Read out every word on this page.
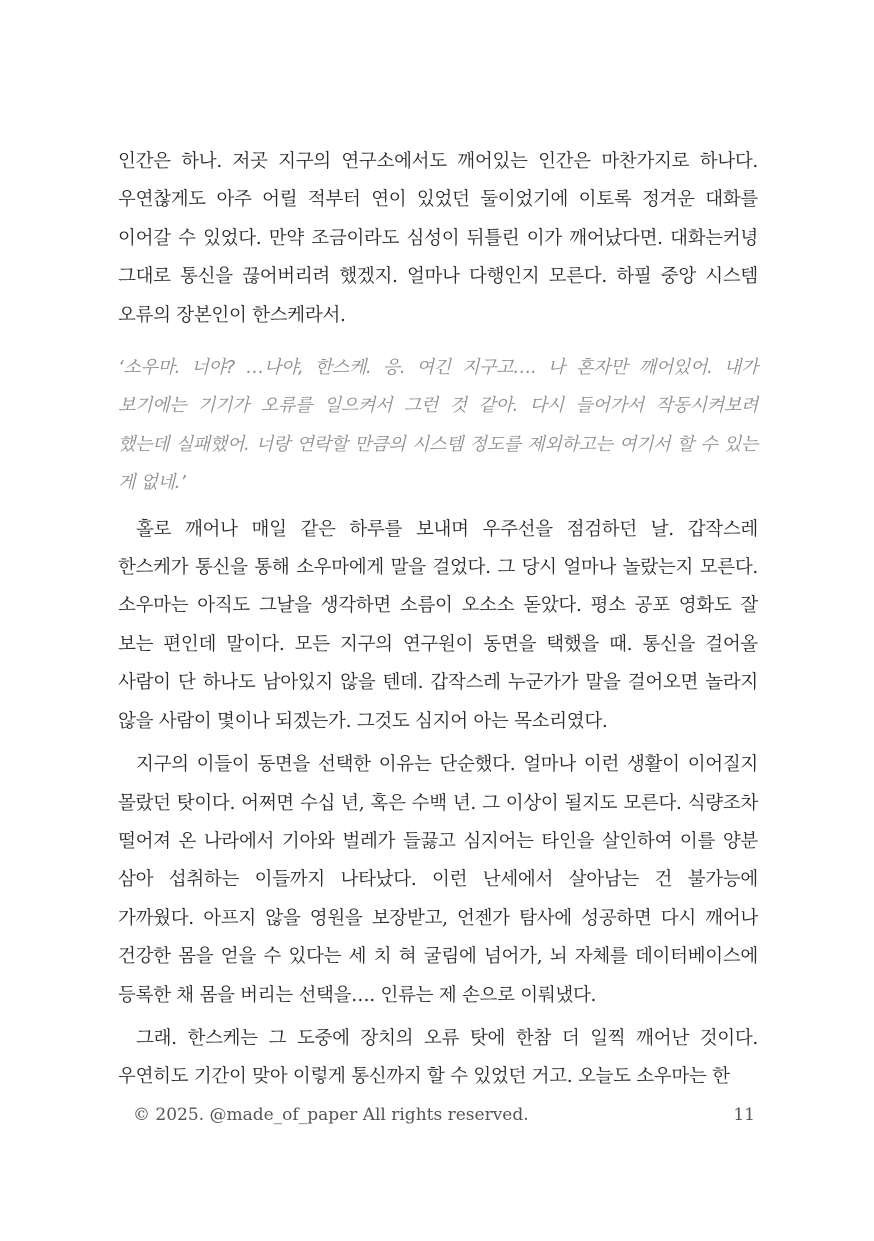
인간은 하나. 저곳 지구의 연구소에서도 깨어있는 인간은 마찬가지로 하나다. 우연찮게도 아주 어릴 적부터 연이 있었던 둘이었기에 이토록 정겨운 대화를 이어갈 수 있었다. 만약 조금이라도 심성이 뒤틀린 이가 깨어났다면. 대화는커녕 그대로 통신을 끊어버리려 했겠지. 얼마나 다행인지 모른다. 하필 중앙 시스템 오류의 장본인이 한스케라서.

‘소우마. 너야? …나야, 한스케. 응. 여긴 지구고…. 나 혼자만 깨어있어. 내가 보기에는 기기가 오류를 일으켜서 그런 것 같아. 다시 들어가서 작동시켜보려 했는데 실패했어. 너랑 연락할 만큼의 시스템 정도를 제외하고는 여기서 할 수 있는 게 없네.’

홀로 깨어나 매일 같은 하루를 보내며 우주선을 점검하던 날. 갑작스레 한스케가 통신을 통해 소우마에게 말을 걸었다. 그 당시 얼마나 놀랐는지 모른다. 소우마는 아직도 그날을 생각하면 소름이 오소소 돋았다. 평소 공포 영화도 잘 보는 편인데 말이다. 모든 지구의 연구원이 동면을 택했을 때. 통신을 걸어올 사람이 단 하나도 남아있지 않을 텐데. 갑작스레 누군가가 말을 걸어오면 놀라지 않을 사람이 몇이나 되겠는가. 그것도 심지어 아는 목소리였다.

지구의 이들이 동면을 선택한 이유는 단순했다. 얼마나 이런 생활이 이어질지 몰랐던 탓이다. 어쩌면 수십 년, 혹은 수백 년. 그 이상이 될지도 모른다. 식량조차 떨어져 온 나라에서 기아와 벌레가 들끓고 심지어는 타인을 살인하여 이를 양분 삼아 섭취하는 이들까지 나타났다. 이런 난세에서 살아남는 건 불가능에 가까웠다. 아프지 않을 영원을 보장받고, 언젠가 탐사에 성공하면 다시 깨어나 건강한 몸을 얻을 수 있다는 세 치 혀 굴림에 넘어가, 뇌 자체를 데이터베이스에 등록한 채 몸을 버리는 선택을…. 인류는 제 손으로 이뤄냈다.

그래. 한스케는 그 도중에 장치의 오류 탓에 한참 더 일찍 깨어난 것이다. 우연히도 기간이 맞아 이렇게 통신까지 할 수 있었던 거고. 오늘도 소우마는 한

© 2025. @made_of_paper All rights reserved.	11
